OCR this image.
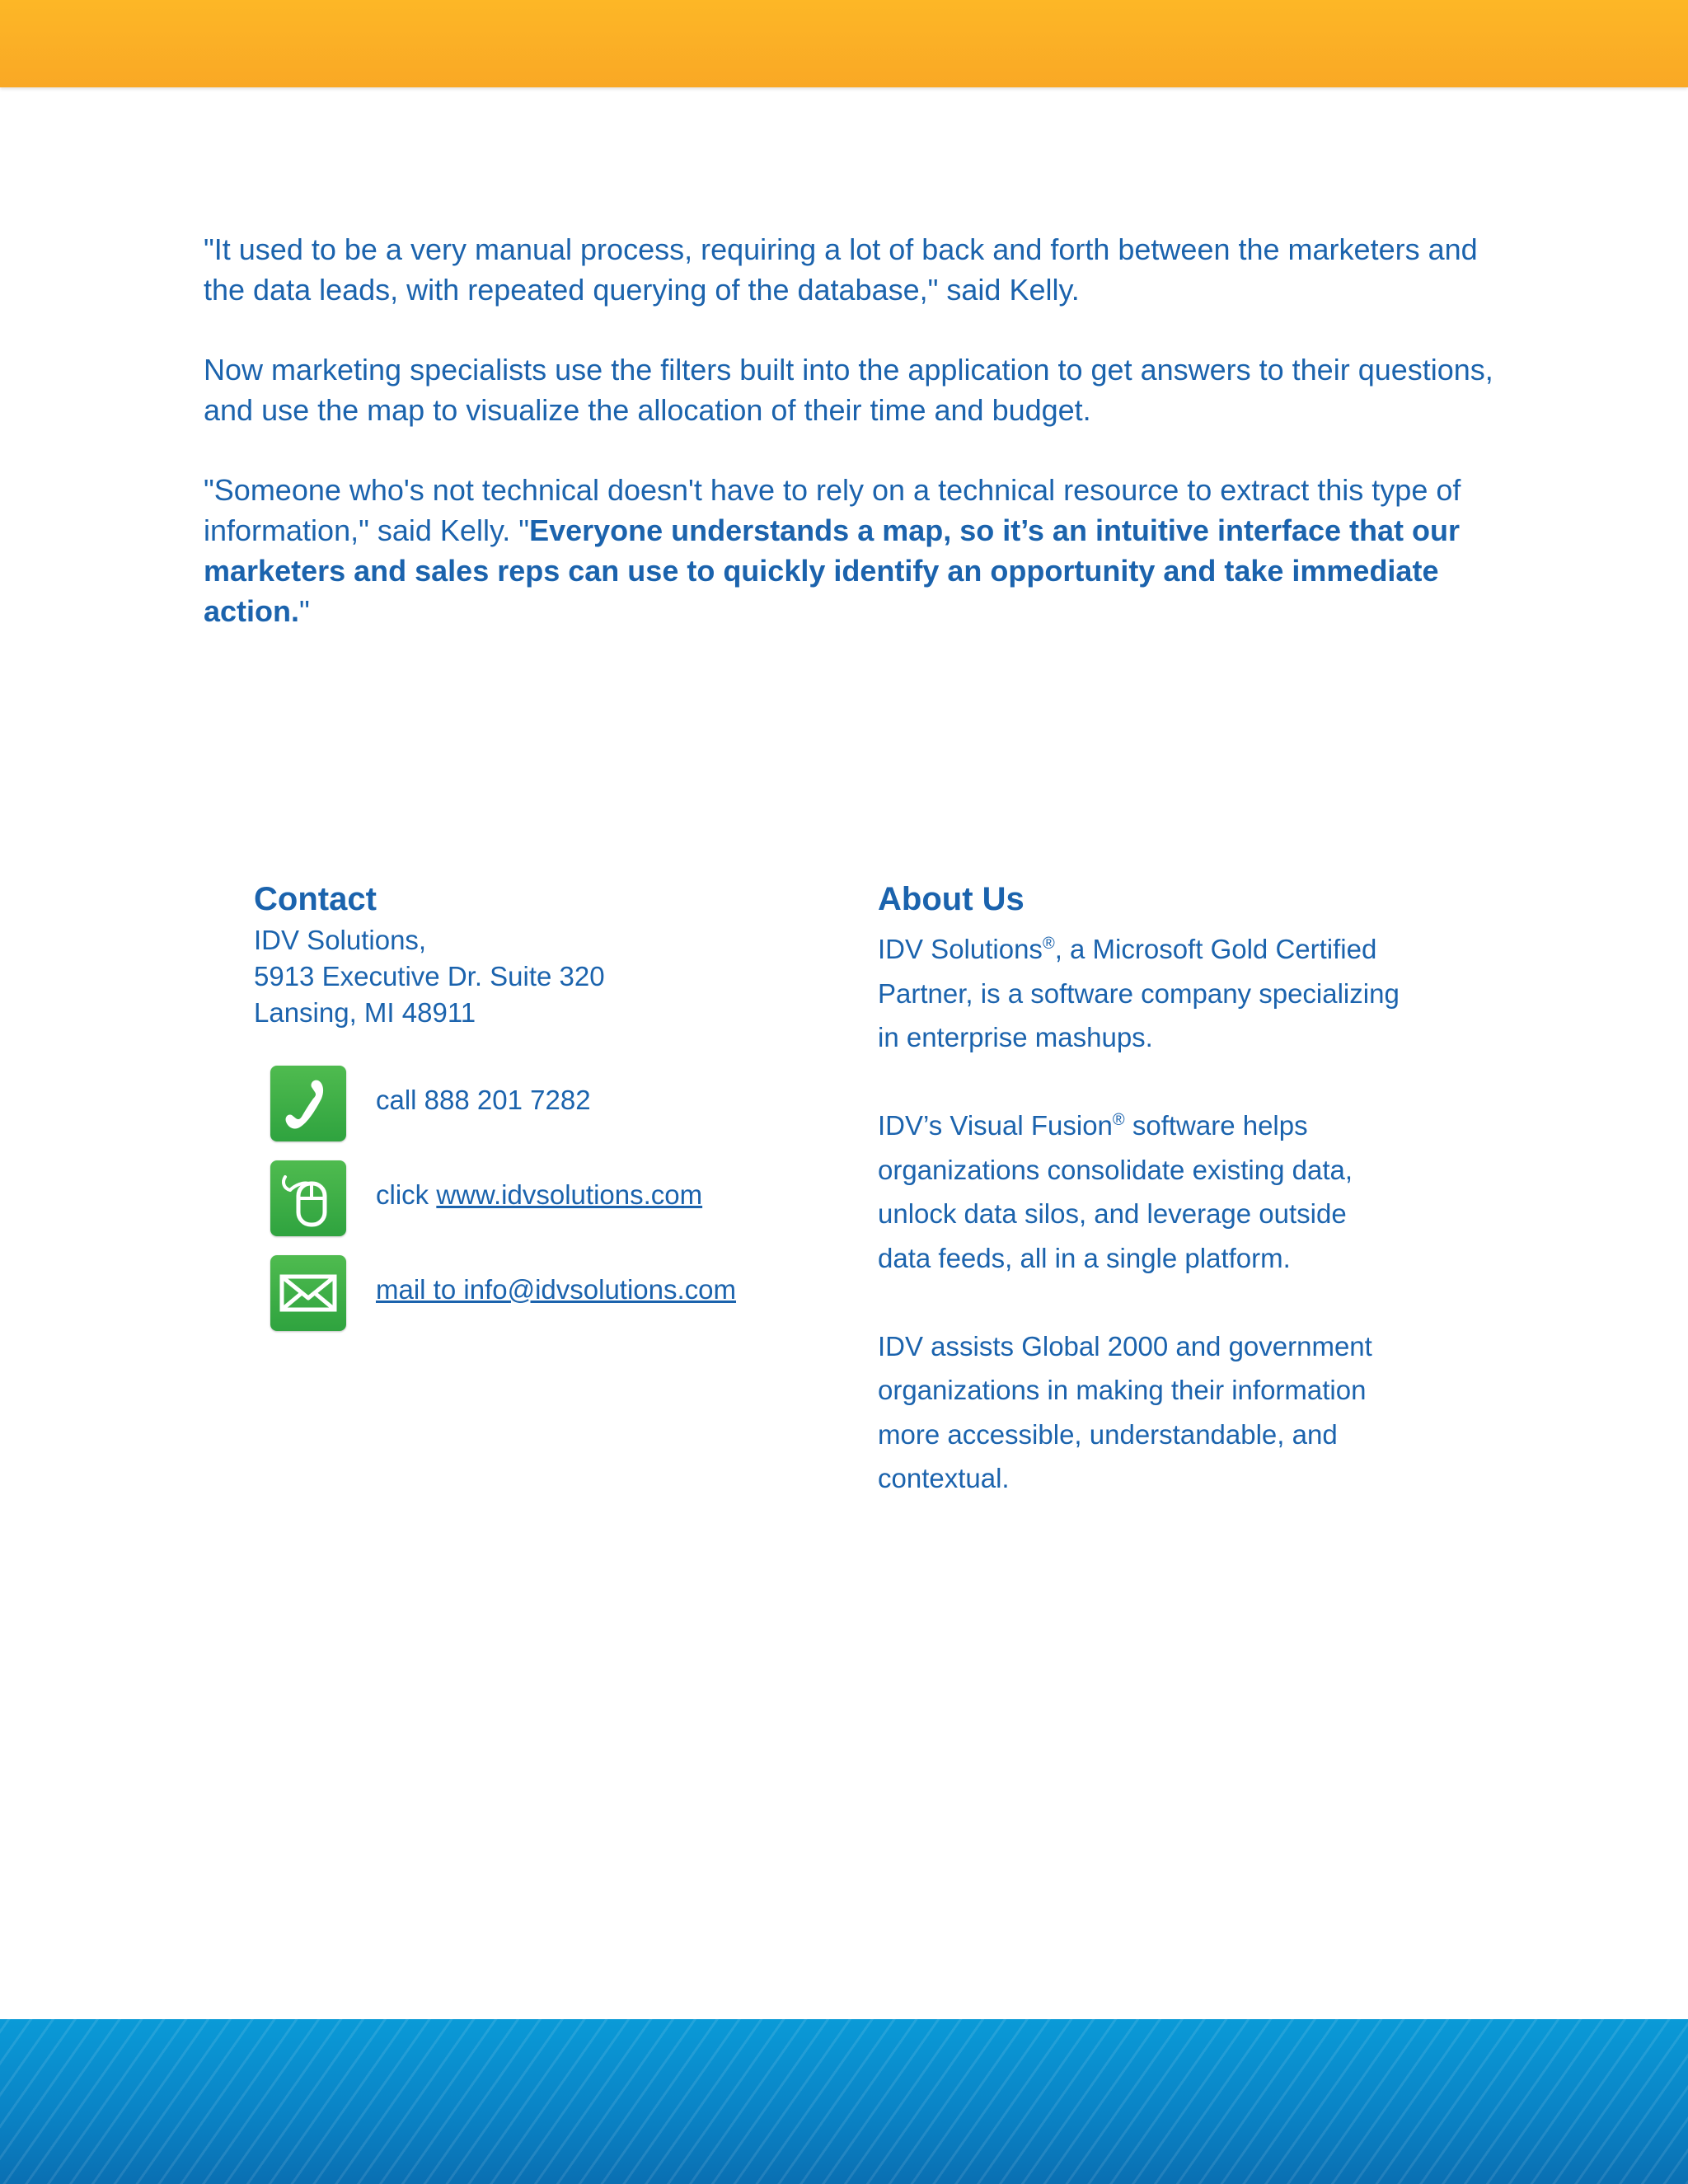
"It used to be a very manual process, requiring a lot of back and forth between the marketers and the data leads, with repeated querying of the database," said Kelly.

Now marketing specialists use the filters built into the application to get answers to their questions, and use the map to visualize the allocation of their time and budget.

"Someone who's not technical doesn't have to rely on a technical resource to extract this type of information," said Kelly. "Everyone understands a map, so it’s an intuitive interface that our marketers and sales reps can use to quickly identify an opportunity and take immediate action."

Contact
IDV Solutions,
5913 Executive Dr. Suite 320
Lansing, MI 48911
call 888 201 7282
click www.idvsolutions.com
mail to info@idvsolutions.com
About Us

IDV Solutions®, a Microsoft Gold Certified Partner, is a software company specializing in enterprise mashups.

IDV’s Visual Fusion® software helps organizations consolidate existing data, unlock data silos, and leverage outside data feeds, all in a single platform.

IDV assists Global 2000 and government organizations in making their information more accessible, understandable, and contextual.
